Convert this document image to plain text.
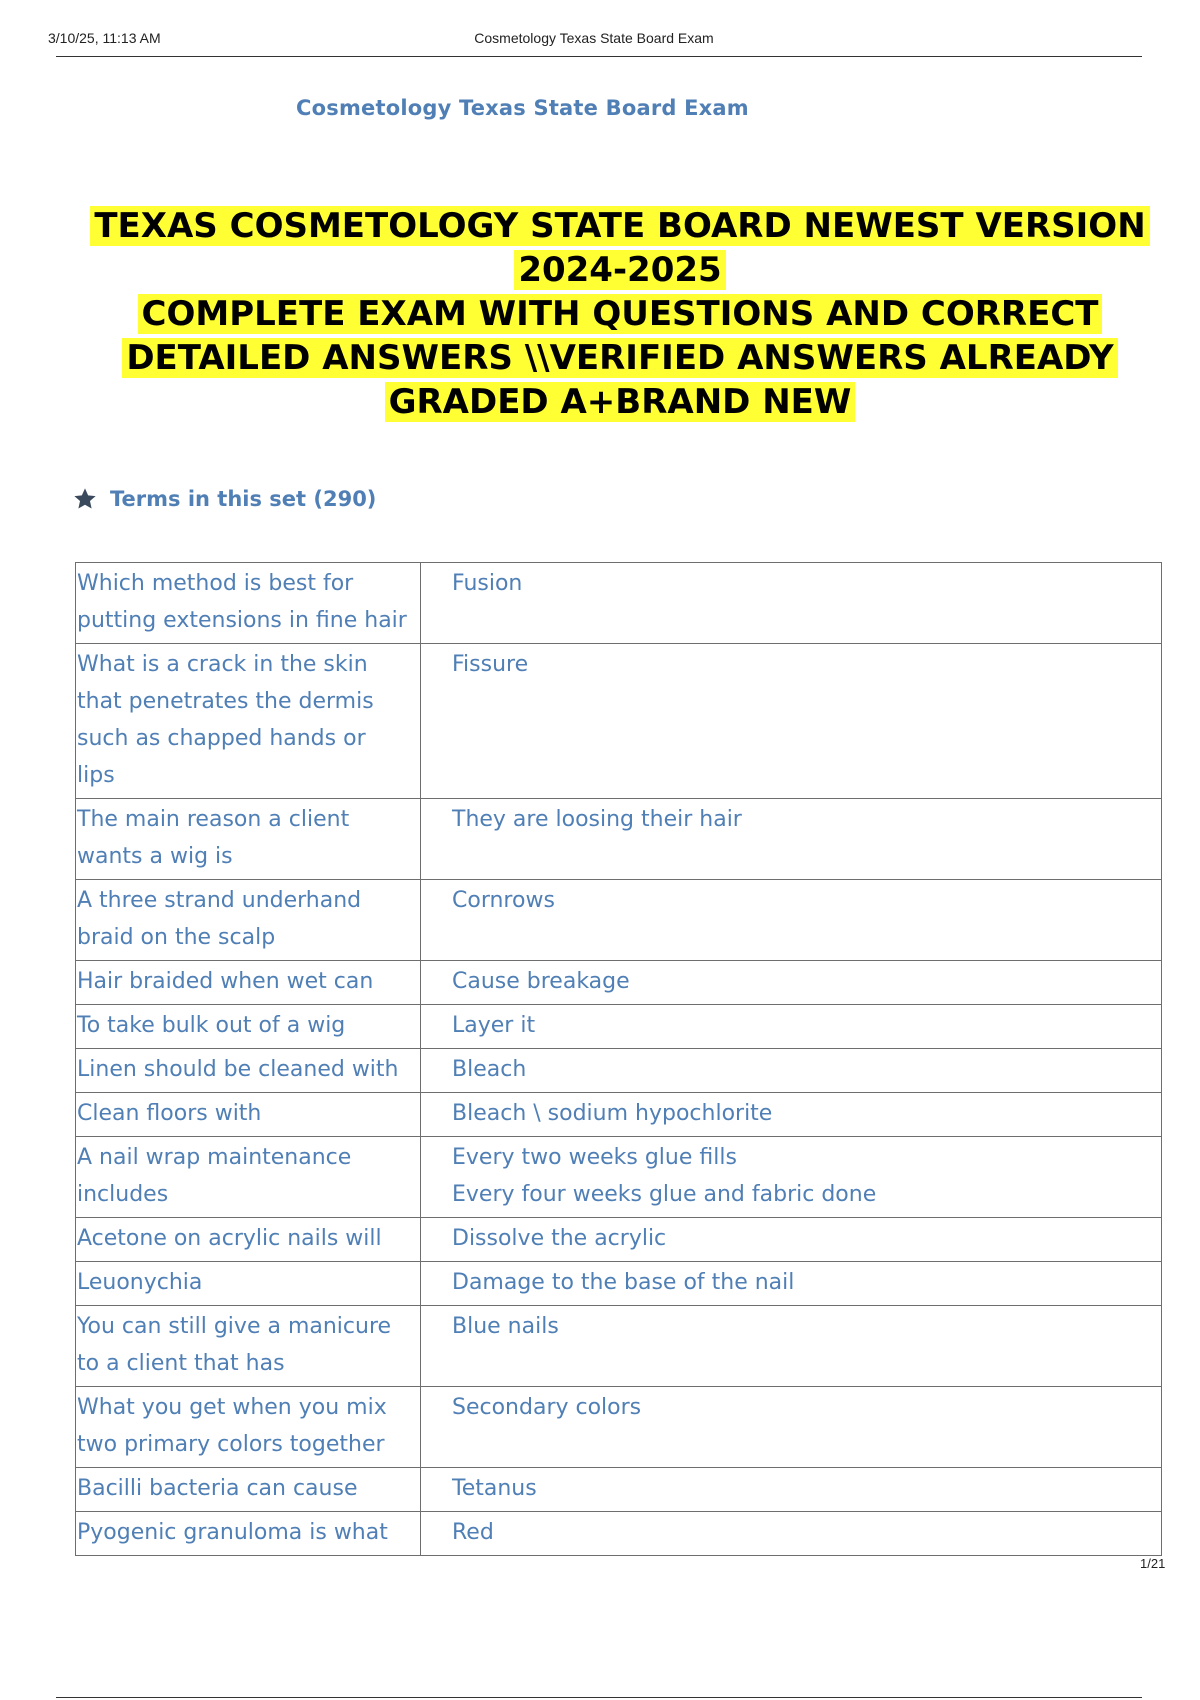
3/10/25, 11:13 AM	Cosmetology Texas State Board Exam
Cosmetology Texas State Board Exam
TEXAS COSMETOLOGY STATE BOARD NEWEST VERSION 2024-2025
COMPLETE EXAM WITH QUESTIONS AND CORRECT
DETAILED ANSWERS \\VERIFIED ANSWERS ALREADY
GRADED A+BRAND NEW
Terms in this set (290)
Which method is best for putting extensions in fine hair	Fusion

What is a crack in the skin that penetrates the dermis such as chapped hands or lips	Fissure

The main reason a client wants a wig is	They are loosing their hair

A three strand underhand braid on the scalp	Cornrows

Hair braided when wet can	Cause breakage

To take bulk out of a wig	Layer it

Linen should be cleaned with	Bleach

Clean floors with	Bleach \ sodium hypochlorite

A nail wrap maintenance includes	Every two weeks glue fills
Every four weeks glue and fabric done

Acetone on acrylic nails will	Dissolve the acrylic

Leuonychia	Damage to the base of the nail

You can still give a manicure to a client that has	Blue nails

What you get when you mix two primary colors together	Secondary colors

Bacilli bacteria can cause	Tetanus

Pyogenic granuloma is what	Red
1/21
